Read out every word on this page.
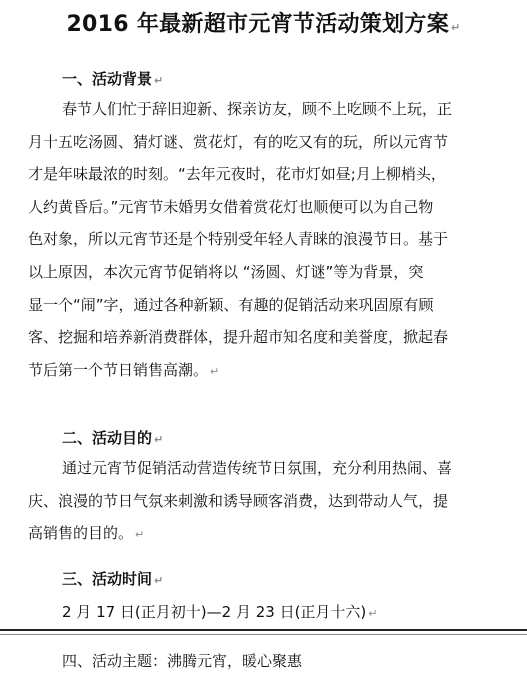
2016 年最新超市元宵节活动策划方案 ↵
一、活动背景 ↵
春节人们忙于辞旧迎新、探亲访友，顾不上吃顾不上玩，正
月十五吃汤圆、猜灯谜、赏花灯，有的吃又有的玩，所以元宵节
才是年味最浓的时刻。“去年元夜时，花市灯如昼;月上柳梢头，
人约黄昏后。”元宵节未婚男女借着赏花灯也顺便可以为自己物
色对象，所以元宵节还是个特别受年轻人青睐的浪漫节日。基于
以上原因，本次元宵节促销将以 “汤圆、灯谜”等为背景，突
显一个“闹”字，通过各种新颖、有趣的促销活动来巩固原有顾
客、挖掘和培养新消费群体，提升超市知名度和美誉度，掀起春
节后第一个节日销售高潮。 ↵
二、活动目的 ↵
通过元宵节促销活动营造传统节日氛围，充分利用热闹、喜
庆、浪漫的节日气氛来刺激和诱导顾客消费，达到带动人气，提
高销售的目的。 ↵
三、活动时间 ↵
2 月 17 日(正月初十)—2 月 23 日(正月十六) ↵
四、活动主题：沸腾元宵，暖心聚惠
